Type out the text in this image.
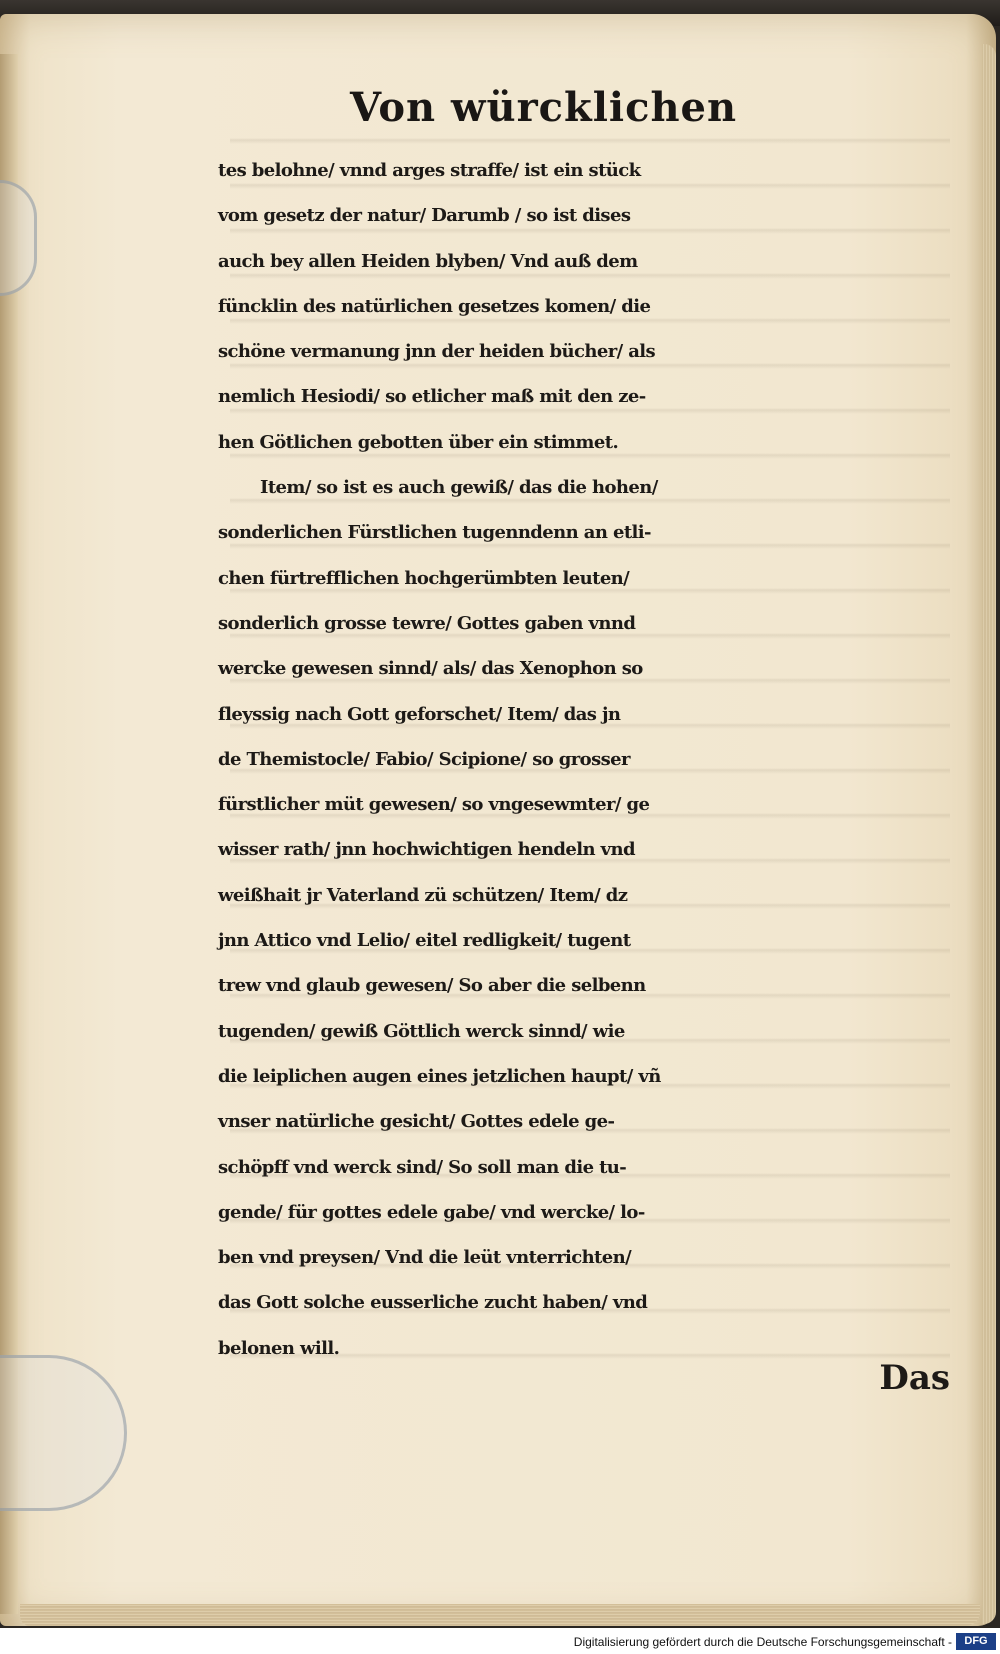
Von würcklichen
tes belohne/ vnnd arges straffe/ ist ein stück
vom gesetz der natur/ Darumb / so ist dises
auch bey allen Heiden blyben/ Vnd auß dem
füncklin des natürlichen gesetzes komen/ die
schöne vermanung jnn der heiden bücher/ als
nemlich Hesiodi/ so etlicher maß mit den ze-
hen Götlichen gebotten über ein stimmet.
Item/ so ist es auch gewiß/ das die hohen/
sonderlichen Fürstlichen tugenndenn an etli-
chen fürtrefflichen hochgerümbten leuten/
sonderlich grosse tewre/ Gottes gaben vnnd
wercke gewesen sinnd/ als/ das Xenophon so
fleyssig nach Gott geforschet/ Item/ das jn
de Themistocle/ Fabio/ Scipione/ so grosser
fürstlicher müt gewesen/ so vngesewmter/ ge
wisser rath/ jnn hochwichtigen hendeln vnd
weißhait jr Vaterland zü schützen/ Item/ dz
jnn Attico vnd Lelio/ eitel redligkeit/ tugent
trew vnd glaub gewesen/ So aber die selbenn
tugenden/ gewiß Göttlich werck sinnd/ wie
die leiplichen augen eines jetzlichen haupt/ vñ
vnser natürliche gesicht/ Gottes edele ge-
schöpff vnd werck sind/ So soll man die tu-
gende/ für gottes edele gabe/ vnd wercke/ lo-
ben vnd preysen/ Vnd die leüt vnterrichten/
das Gott solche eusserliche zucht haben/ vnd
belonen will.
Das
Digitalisierung gefördert durch die Deutsche Forschungsgemeinschaft -	DFG
